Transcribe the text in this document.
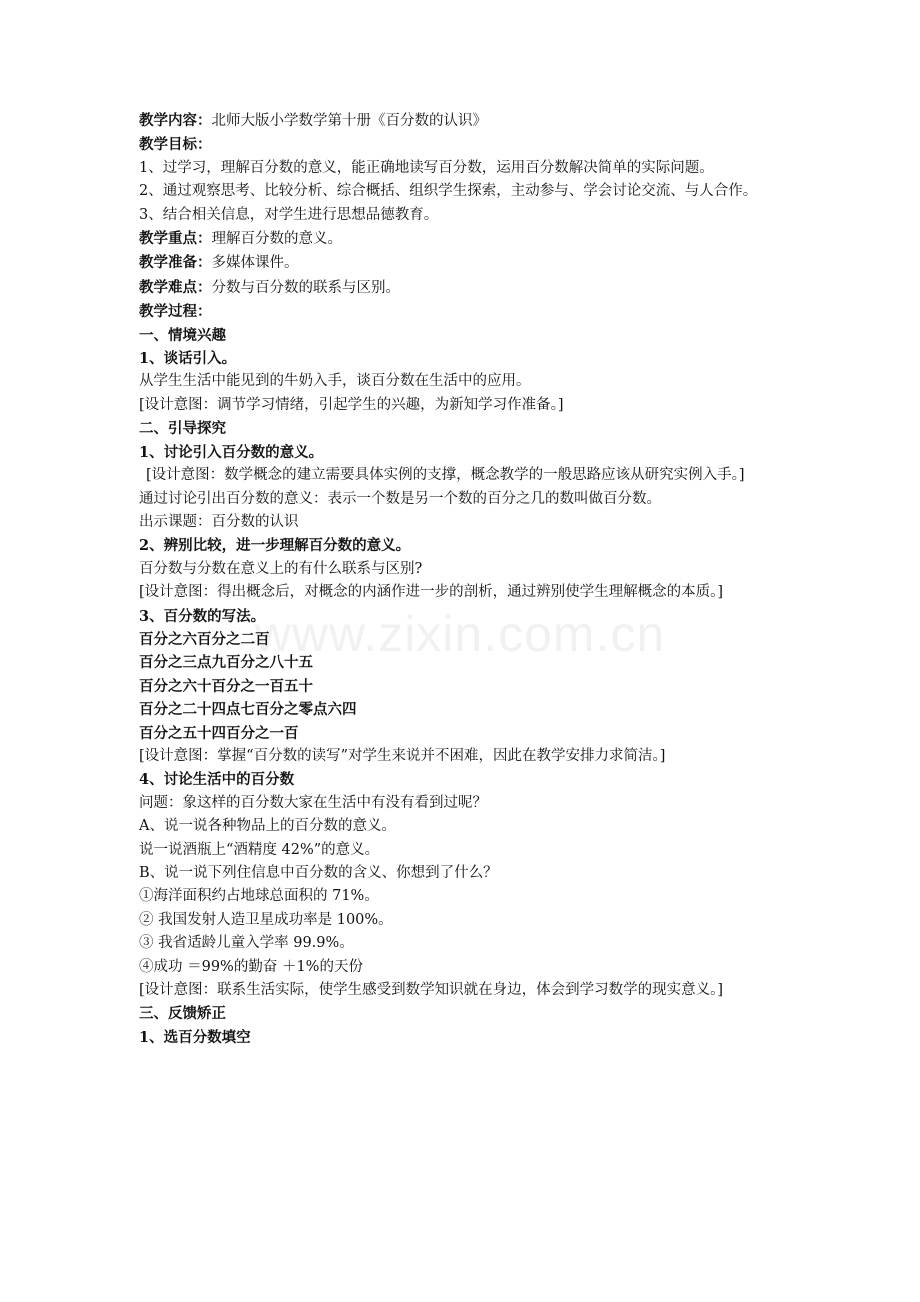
www.zixin.com.cn
教学内容：北师大版小学数学第十册《百分数的认识》
教学目标：
1、过学习，理解百分数的意义，能正确地读写百分数，运用百分数解决简单的实际问题。
2、通过观察思考、比较分析、综合概括、组织学生探索，主动参与、学会讨论交流、与人合作。
3、结合相关信息，对学生进行思想品德教育。
教学重点：理解百分数的意义。
教学准备：多媒体课件。
教学难点：分数与百分数的联系与区别。
教学过程：
一、情境兴趣
1、谈话引入。
从学生生活中能见到的牛奶入手，谈百分数在生活中的应用。
[设计意图：调节学习情绪，引起学生的兴趣，为新知学习作准备。]
二、引导探究
1、讨论引入百分数的意义。
[设计意图：数学概念的建立需要具体实例的支撑，概念教学的一般思路应该从研究实例入手。]
通过讨论引出百分数的意义：表示一个数是另一个数的百分之几的数叫做百分数。
出示课题：百分数的认识
2、辨别比较，进一步理解百分数的意义。
百分数与分数在意义上的有什么联系与区别?
[设计意图：得出概念后，对概念的内涵作进一步的剖析，通过辨别使学生理解概念的本质。]
3、百分数的写法。
百分之六百分之二百
百分之三点九百分之八十五
百分之六十百分之一百五十
百分之二十四点七百分之零点六四
百分之五十四百分之一百
[设计意图：掌握“百分数的读写”对学生来说并不困难，因此在教学安排力求简洁。]
4、讨论生活中的百分数
问题：象这样的百分数大家在生活中有没有看到过呢？
A、说一说各种物品上的百分数的意义。
说一说酒瓶上“酒精度 42%”的意义。
B、说一说下列住信息中百分数的含义、你想到了什么？
①海洋面积约占地球总面积的 71%。
② 我国发射人造卫星成功率是 100%。
③ 我省适龄儿童入学率 99.9%。
④成功 ＝99%的勤奋 ＋1%的天份
[设计意图：联系生活实际，使学生感受到数学知识就在身边，体会到学习数学的现实意义。]
三、反馈矫正
1、选百分数填空
